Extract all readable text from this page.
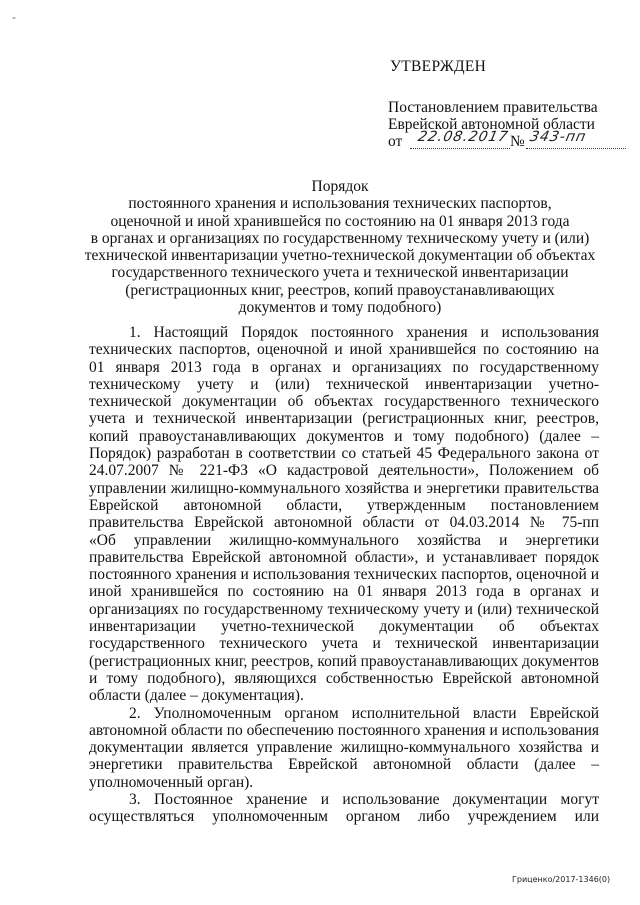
-
УТВЕРЖДЕН
Постановлением правительства
Еврейской автономной области
от 22.08.2017 № 343-пп
Порядок
постоянного хранения и использования технических паспортов,
оценочной и иной хранившейся по состоянию на 01 января 2013 года
в органах и организациях по государственному техническому учету и (или)
технической инвентаризации учетно-технической документации об объектах
государственного технического учета и технической инвентаризации
(регистрационных книг, реестров, копий правоустанавливающих
документов и тому подобного)
1. Настоящий Порядок постоянного хранения и использования
технических паспортов, оценочной и иной хранившейся по состоянию на
01 января 2013 года в органах и организациях по государственному
техническому учету и (или) технической инвентаризации учетно-
технической документации об объектах государственного технического
учета и технической инвентаризации (регистрационных книг, реестров,
копий правоустанавливающих документов и тому подобного) (далее –
Порядок) разработан в соответствии со статьей 45 Федерального закона от
24.07.2007 № 221-ФЗ «О кадастровой деятельности», Положением об
управлении жилищно-коммунального хозяйства и энергетики правительства
Еврейской автономной области, утвержденным постановлением
правительства Еврейской автономной области от 04.03.2014 № 75-пп
«Об управлении жилищно-коммунального хозяйства и энергетики
правительства Еврейской автономной области», и устанавливает порядок
постоянного хранения и использования технических паспортов, оценочной и
иной хранившейся по состоянию на 01 января 2013 года в органах и
организациях по государственному техническому учету и (или) технической
инвентаризации учетно-технической документации об объектах
государственного технического учета и технической инвентаризации
(регистрационных книг, реестров, копий правоустанавливающих документов
и тому подобного), являющихся собственностью Еврейской автономной
области (далее – документация).
2. Уполномоченным органом исполнительной власти Еврейской
автономной области по обеспечению постоянного хранения и использования
документации является управление жилищно-коммунального хозяйства и
энергетики правительства Еврейской автономной области (далее –
уполномоченный орган).
3. Постоянное хранение и использование документации могут
осуществляться уполномоченным органом либо учреждением или
Гриценко/2017-1346(0)
